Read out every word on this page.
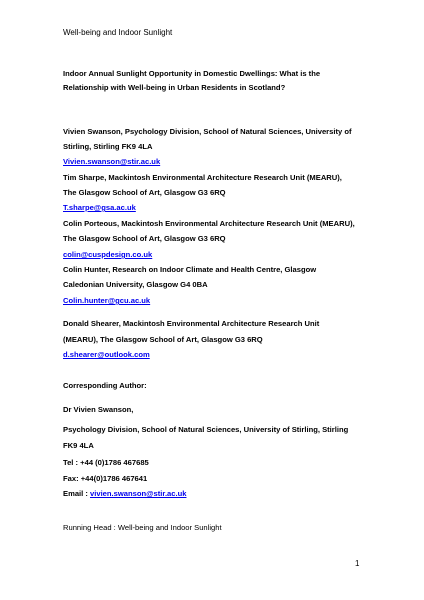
Well-being and Indoor Sunlight
Indoor Annual Sunlight Opportunity in Domestic Dwellings: What is the
Relationship with Well-being in Urban Residents in Scotland?
Vivien Swanson, Psychology Division, School of Natural Sciences, University of
Stirling, Stirling FK9 4LA
Vivien.swanson@stir.ac.uk
Tim Sharpe, Mackintosh Environmental Architecture Research Unit (MEARU),
The Glasgow School of Art, Glasgow G3 6RQ
T.sharpe@gsa.ac.uk
Colin Porteous, Mackintosh Environmental Architecture Research Unit (MEARU),
The Glasgow School of Art, Glasgow G3 6RQ
colin@cuspdesign.co.uk
Colin Hunter, Research on Indoor Climate and Health Centre, Glasgow
Caledonian University, Glasgow G4 0BA
Colin.hunter@gcu.ac.uk
Donald Shearer, Mackintosh Environmental Architecture Research Unit
(MEARU), The Glasgow School of Art, Glasgow G3 6RQ
d.shearer@outlook.com
Corresponding Author:
Dr Vivien Swanson,
Psychology Division, School of Natural Sciences, University of Stirling, Stirling
FK9 4LA
Tel : +44 (0)1786 467685
Fax: +44(0)1786 467641
Email : vivien.swanson@stir.ac.uk
Running Head : Well-being and Indoor Sunlight
1
